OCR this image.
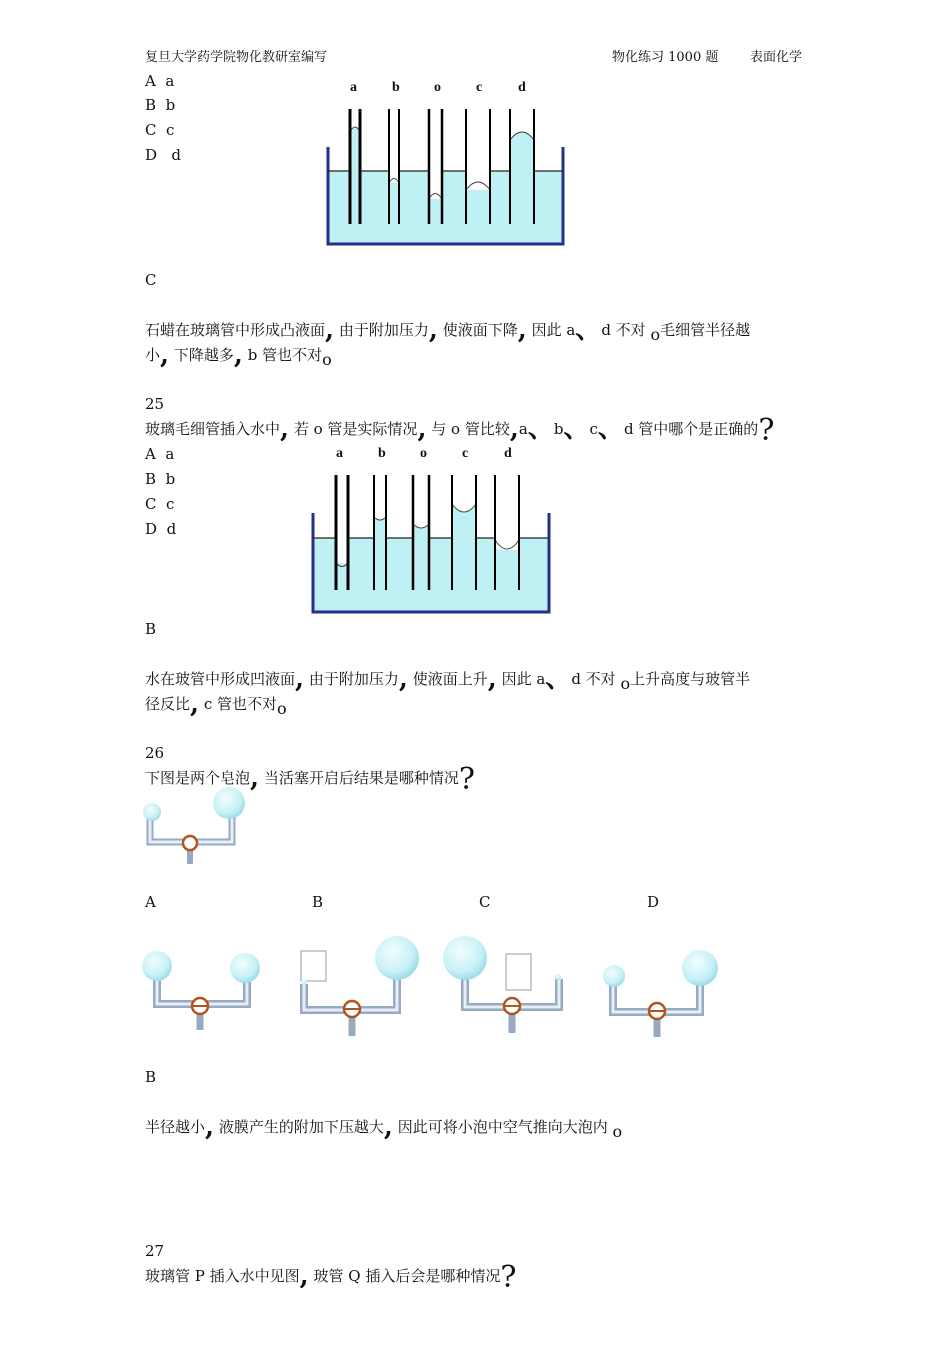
复旦大学药学院物化教研室编写	物化练习 1000 题 表面化学
A a
B b
C c
D d
a	b o	c	d
C
石蜡在玻璃管中形成凸液面, 由于附加压力, 使液面下降, 因此 a、d 不对 o毛细管半径越
小, 下降越多, b 管也不对o
25
玻璃毛细管插入水中, 若 o 管是实际情况, 与 o 管比较,a、b、c、d 管中哪个是正确的?
A a
B b
C c
D d
a	b o	c	d
B
水在玻管中形成凹液面, 由于附加压力, 使液面上升, 因此 a、d 不对 o上升高度与玻管半
径反比, c 管也不对o
26
下图是两个皂泡, 当活塞开启后结果是哪种情况?
A	B	C	D
B
半径越小, 液膜产生的附加下压越大, 因此可将小泡中空气推向大泡内 o
27
玻璃管 P 插入水中见图, 玻管 Q 插入后会是哪种情况?
